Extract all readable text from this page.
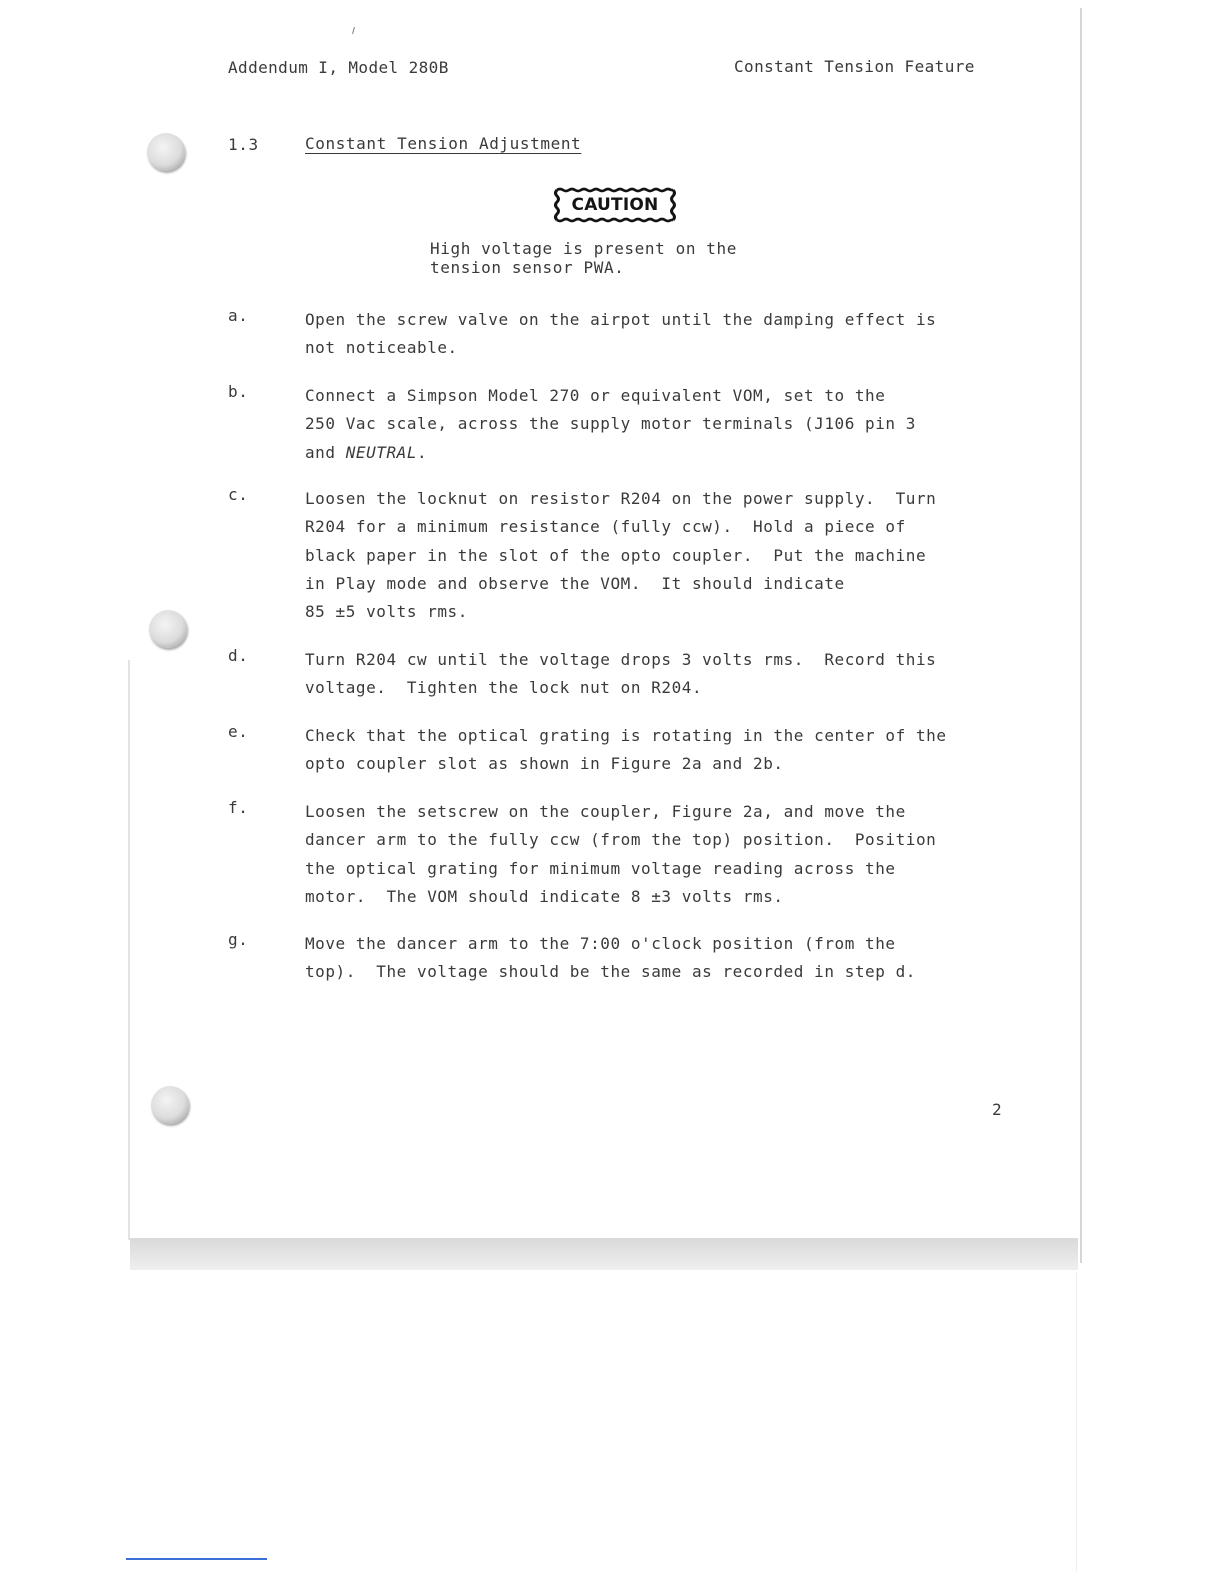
Addendum I, Model 280B	Constant Tension Feature
1.3	Constant Tension Adjustment
CAUTION
High voltage is present on the
tension sensor PWA.
a.	Open the screw valve on the airpot until the damping effect is
not noticeable.
b.	Connect a Simpson Model 270 or equivalent VOM, set to the
250 Vac scale, across the supply motor terminals (J106 pin 3
and NEUTRAL.
c.	Loosen the locknut on resistor R204 on the power supply.  Turn
R204 for a minimum resistance (fully ccw).  Hold a piece of
black paper in the slot of the opto coupler.  Put the machine
in Play mode and observe the VOM.  It should indicate
85 ±5 volts rms.
d.	Turn R204 cw until the voltage drops 3 volts rms.  Record this
voltage.  Tighten the lock nut on R204.
e.	Check that the optical grating is rotating in the center of the
opto coupler slot as shown in Figure 2a and 2b.
f.	Loosen the setscrew on the coupler, Figure 2a, and move the
dancer arm to the fully ccw (from the top) position.  Position
the optical grating for minimum voltage reading across the
motor.  The VOM should indicate 8 ±3 volts rms.
g.	Move the dancer arm to the 7:00 o'clock position (from the
top).  The voltage should be the same as recorded in step d.
2
